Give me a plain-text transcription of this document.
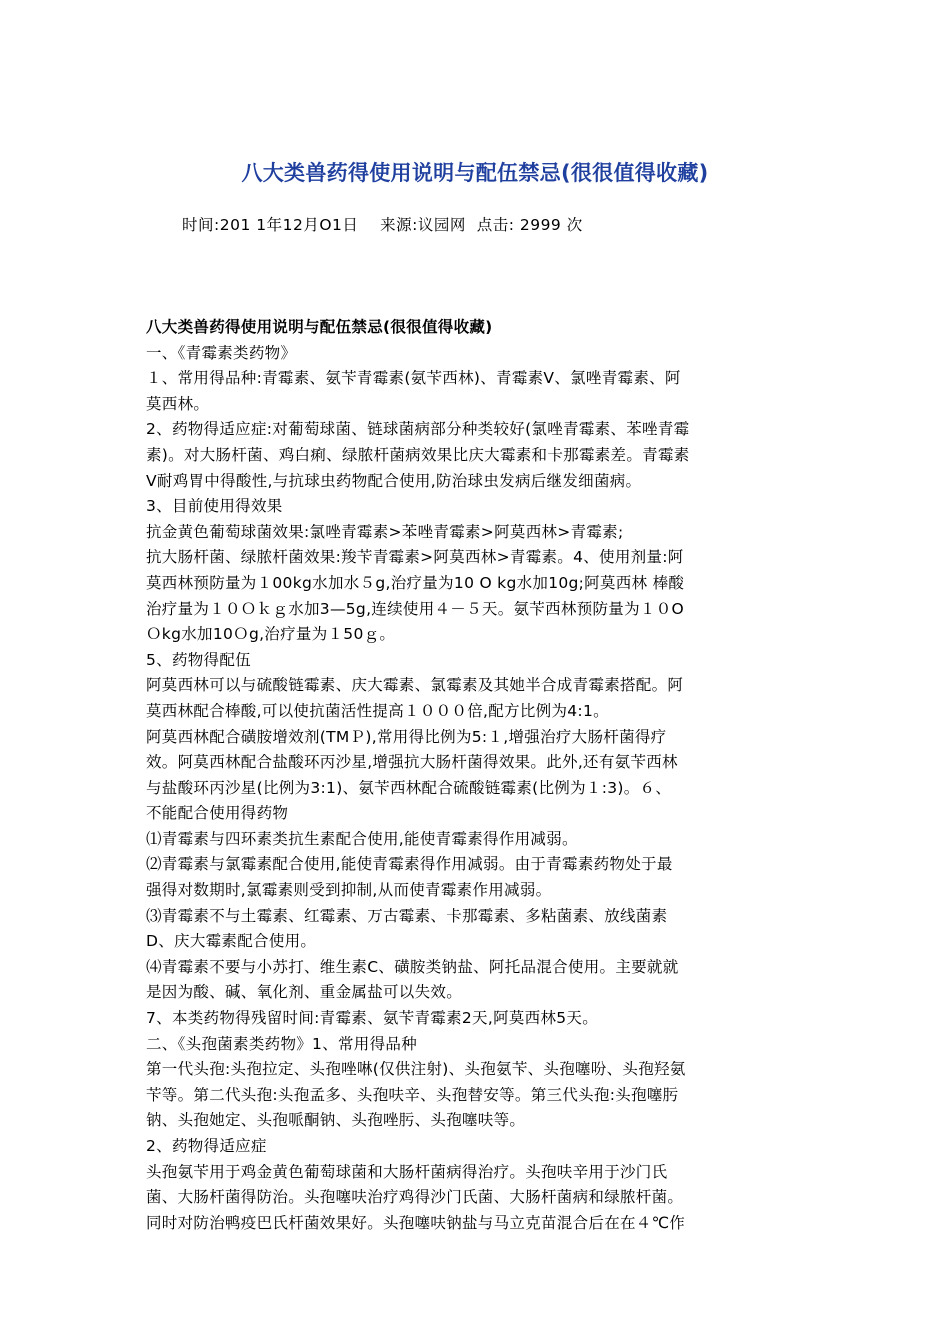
八大类兽药得使用说明与配伍禁忌(很很值得收藏)
时间:201 1年12月O1日 来源:议园网 点击: 2999 次
八大类兽药得使用说明与配伍禁忌(很很值得收藏)
一、《青霉素类药物》
１、常用得品种:青霉素、氨苄青霉素(氨苄西林)、青霉素V、氯唑青霉素、阿
莫西林。
2、药物得适应症:对葡萄球菌、链球菌病部分种类较好(氯唑青霉素、苯唑青霉
素)。对大肠杆菌、鸡白痢、绿脓杆菌病效果比庆大霉素和卡那霉素差。青霉素
V耐鸡胃中得酸性,与抗球虫药物配合使用,防治球虫发病后继发细菌病。
3、目前使用得效果
抗金黄色葡萄球菌效果:氯唑青霉素>苯唑青霉素>阿莫西林>青霉素;
抗大肠杆菌、绿脓杆菌效果:羧苄青霉素>阿莫西林>青霉素。4、使用剂量:阿
莫西林预防量为１00kg水加水５g,治疗量为10 O kg水加10g;阿莫西林 棒酸
治疗量为１０Ｏｋｇ水加3—5g,连续使用４－５天。氨苄西林预防量为１０O
Ｏkg水加10Ｏg,治疗量为１50ｇ。
5、药物得配伍
阿莫西林可以与硫酸链霉素、庆大霉素、氯霉素及其她半合成青霉素搭配。阿
莫西林配合棒酸,可以使抗菌活性提高１０００倍,配方比例为4:1。
阿莫西林配合磺胺增效剂(TMＰ),常用得比例为5:１,增强治疗大肠杆菌得疗
效。阿莫西林配合盐酸环丙沙星,增强抗大肠杆菌得效果。此外,还有氨苄西林
与盐酸环丙沙星(比例为3:1)、氨苄西林配合硫酸链霉素(比例为１:3)。６、
不能配合使用得药物
⑴青霉素与四环素类抗生素配合使用,能使青霉素得作用减弱。
⑵青霉素与氯霉素配合使用,能使青霉素得作用减弱。由于青霉素药物处于最
强得对数期时,氯霉素则受到抑制,从而使青霉素作用减弱。
⑶青霉素不与土霉素、红霉素、万古霉素、卡那霉素、多粘菌素、放线菌素
D、庆大霉素配合使用。
⑷青霉素不要与小苏打、维生素C、磺胺类钠盐、阿托品混合使用。主要就就
是因为酸、碱、氧化剂、重金属盐可以失效。
7、本类药物得残留时间:青霉素、氨苄青霉素2天,阿莫西林5天。
二、《头孢菌素类药物》1、常用得品种
第一代头孢:头孢拉定、头孢唑啉(仅供注射)、头孢氨苄、头孢噻吩、头孢羟氨
苄等。第二代头孢:头孢孟多、头孢呋辛、头孢替安等。第三代头孢:头孢噻肟
钠、头孢她定、头孢哌酮钠、头孢唑肟、头孢噻呋等。
2、药物得适应症
头孢氨苄用于鸡金黄色葡萄球菌和大肠杆菌病得治疗。头孢呋辛用于沙门氏
菌、大肠杆菌得防治。头孢噻呋治疗鸡得沙门氏菌、大肠杆菌病和绿脓杆菌。
同时对防治鸭疫巴氏杆菌效果好。头孢噻呋钠盐与马立克苗混合后在在４℃作
